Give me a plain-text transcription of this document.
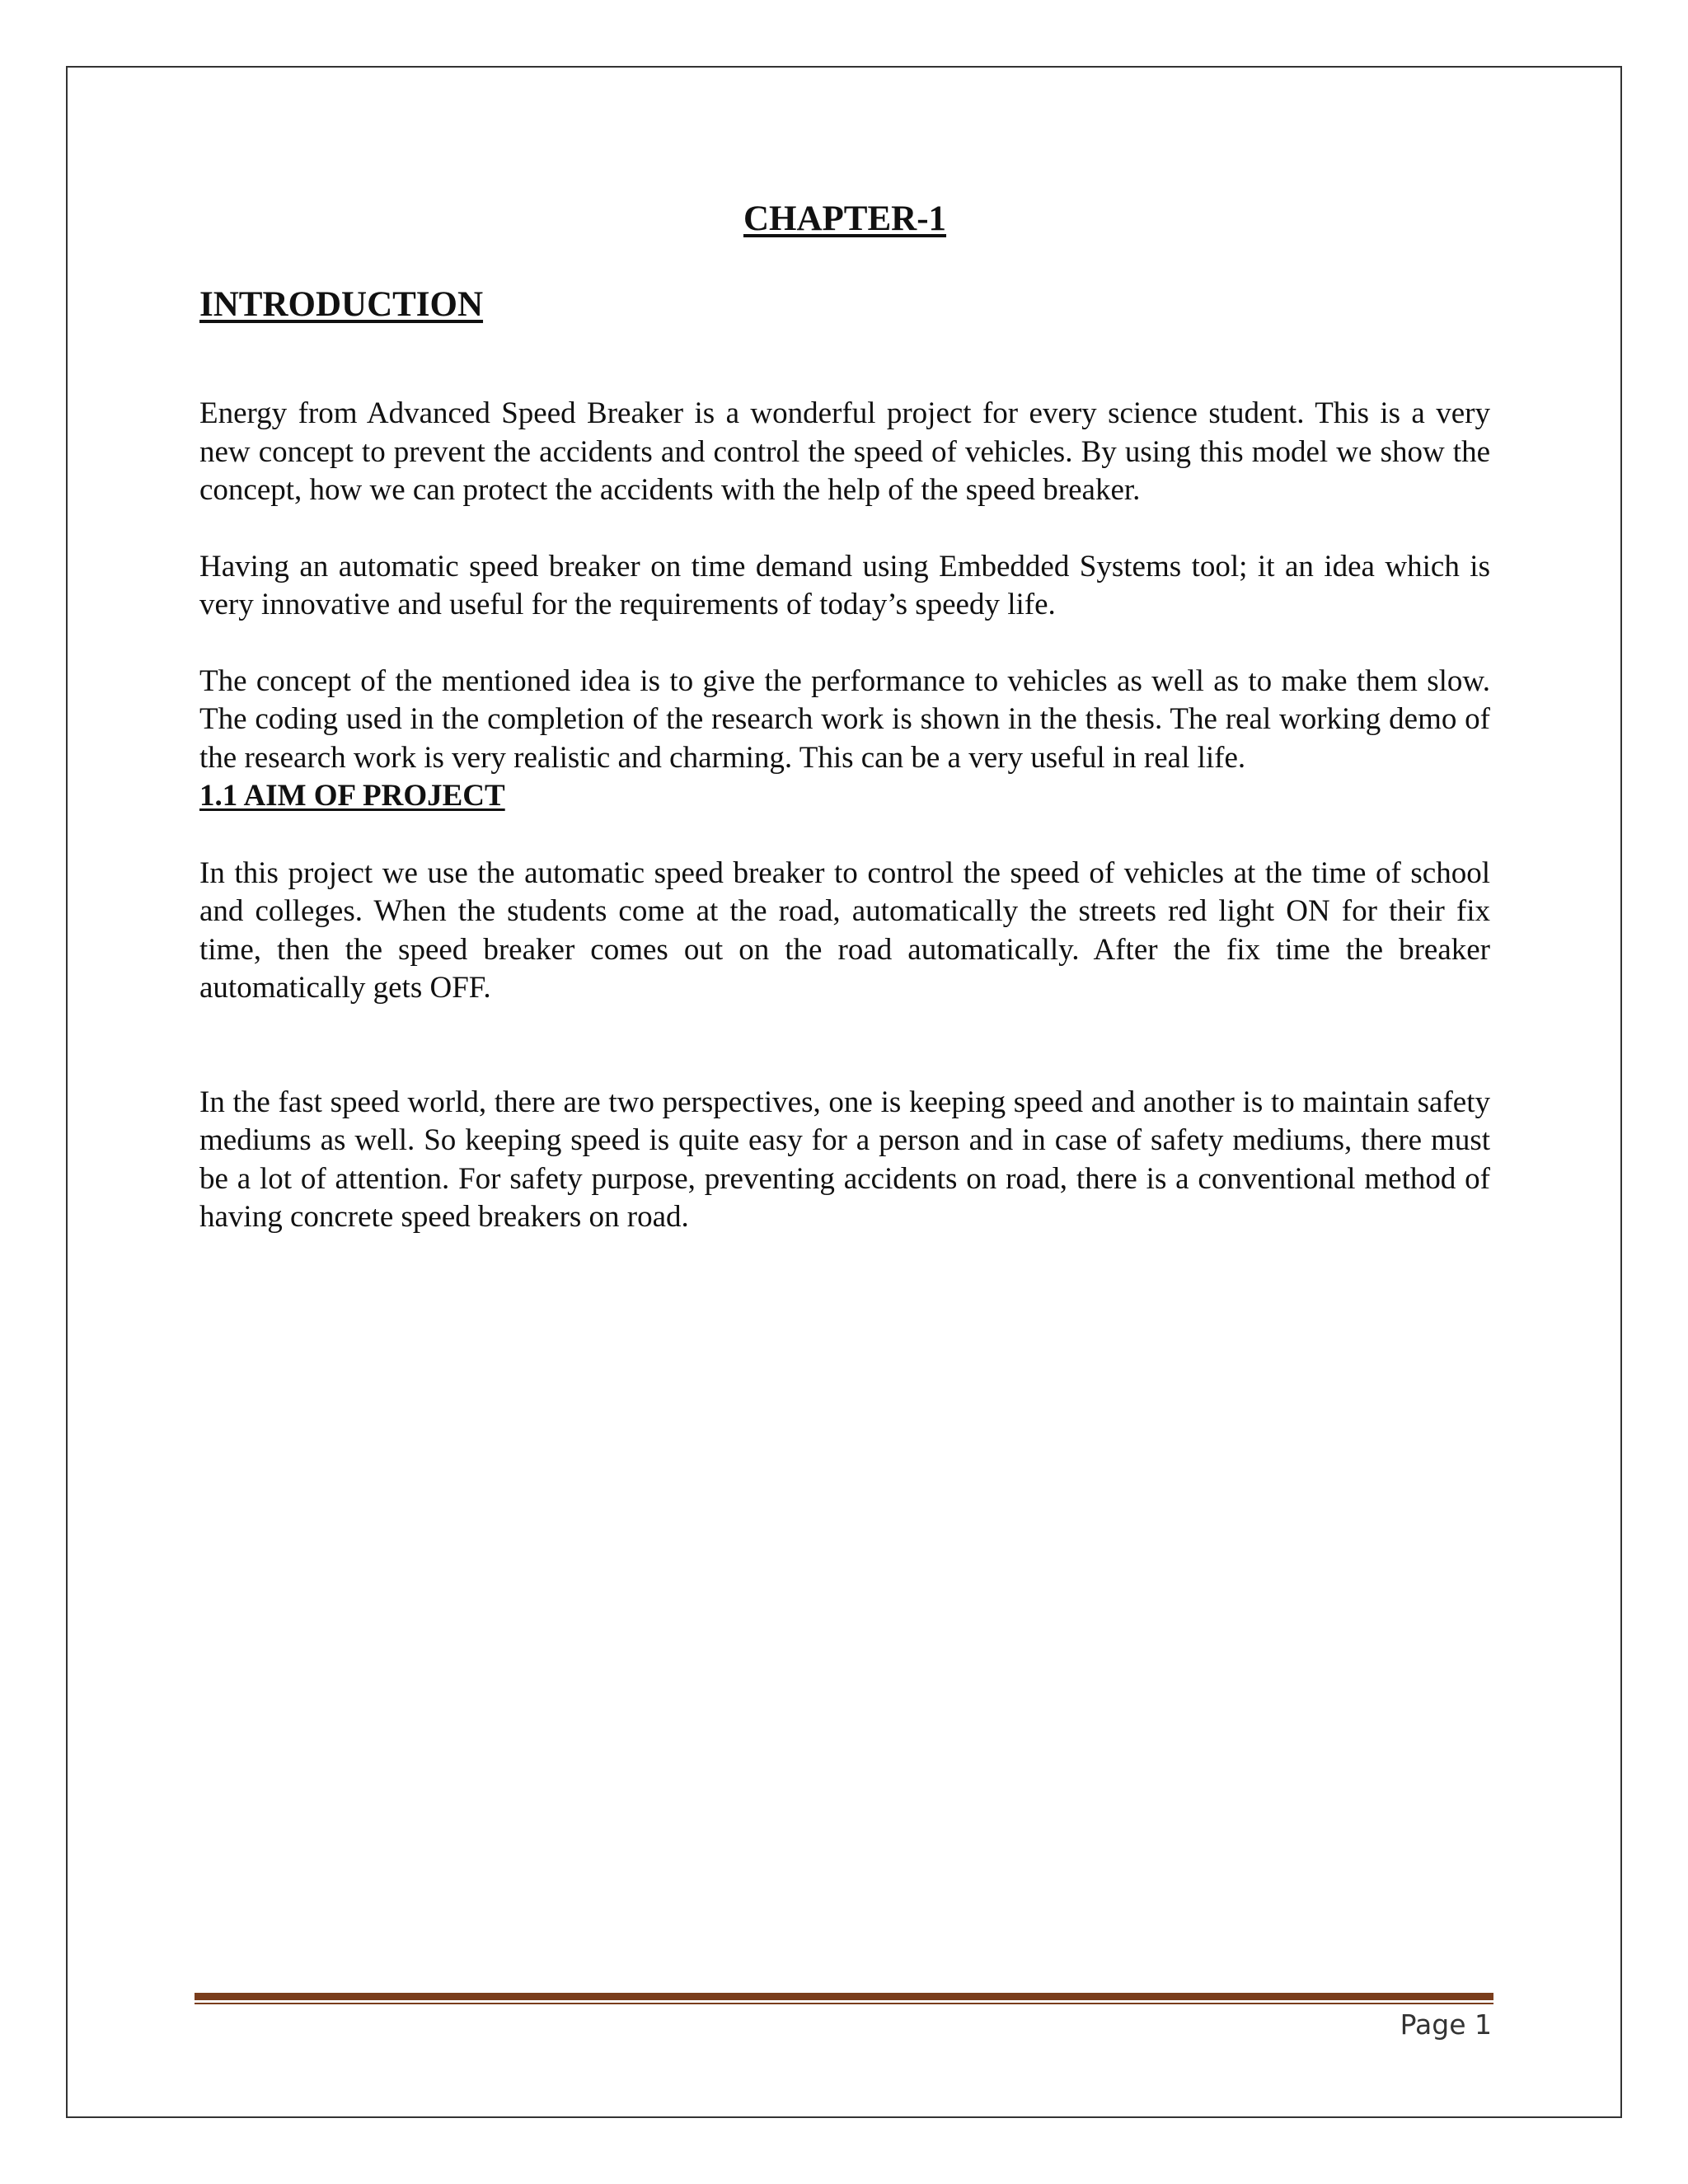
CHAPTER-1
INTRODUCTION

Energy from Advanced Speed Breaker is a wonderful project for every science student. This is a very new concept to prevent the accidents and control the speed of vehicles. By using this model we show the concept, how we can protect the accidents with the help of the speed breaker.

Having an automatic speed breaker on time demand using Embedded Systems tool; it an idea which is very innovative and useful for the requirements of today’s speedy life.

The concept of the mentioned idea is to give the performance to vehicles as well as to make them slow. The coding used in the completion of the research work is shown in the thesis. The real working demo of the research work is very realistic and charming. This can be a very useful in real life.

1.1 AIM OF PROJECT

In this project we use the automatic speed breaker to control the speed of vehicles at the time of school and colleges. When the students come at the road, automatically the streets red light ON for their fix time, then the speed breaker comes out on the road automatically. After the fix time the breaker automatically gets OFF.

In the fast speed world, there are two perspectives, one is keeping speed and another is to maintain safety mediums as well. So keeping speed is quite easy for a person and in case of safety mediums, there must be a lot of attention. For safety purpose, preventing accidents on road, there is a conventional method of having concrete speed breakers on road.

Page 1
